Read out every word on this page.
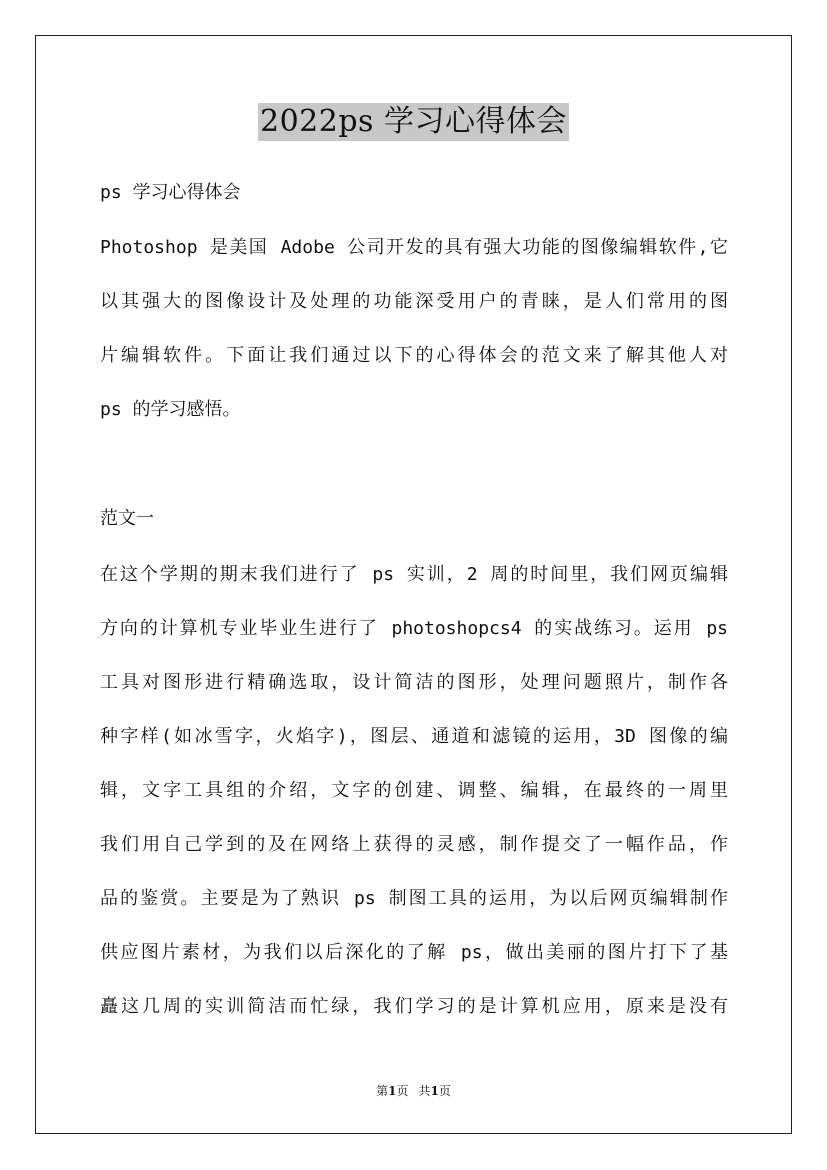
2022ps 学习心得体会
ps 学习心得体会
Photoshop 是美国 Adobe 公司开发的具有强大功能的图像编辑软件,它
以其强大的图像设计及处理的功能深受用户的青睐，是人们常用的图
片编辑软件。下面让我们通过以下的心得体会的范文来了解其他人对
ps 的学习感悟。
范文一
在这个学期的期末我们进行了 ps 实训，2 周的时间里，我们网页编辑
方向的计算机专业毕业生进行了 photoshopcs4 的实战练习。运用 ps
工具对图形进行精确选取，设计简洁的图形，处理问题照片，制作各
种字样(如冰雪字，火焰字)，图层、通道和滤镜的运用，3D 图像的编
辑，文字工具组的介绍，文字的创建、调整、编辑，在最终的一周里
我们用自己学到的及在网络上获得的灵感，制作提交了一幅作品，作
品的鉴赏。主要是为了熟识 ps 制图工具的运用，为以后网页编辑制作
供应图片素材，为我们以后深化的了解 ps，做出美丽的图片打下了基
矗这几周的实训简洁而忙绿，我们学习的是计算机应用，原来是没有
第1页 共1页
